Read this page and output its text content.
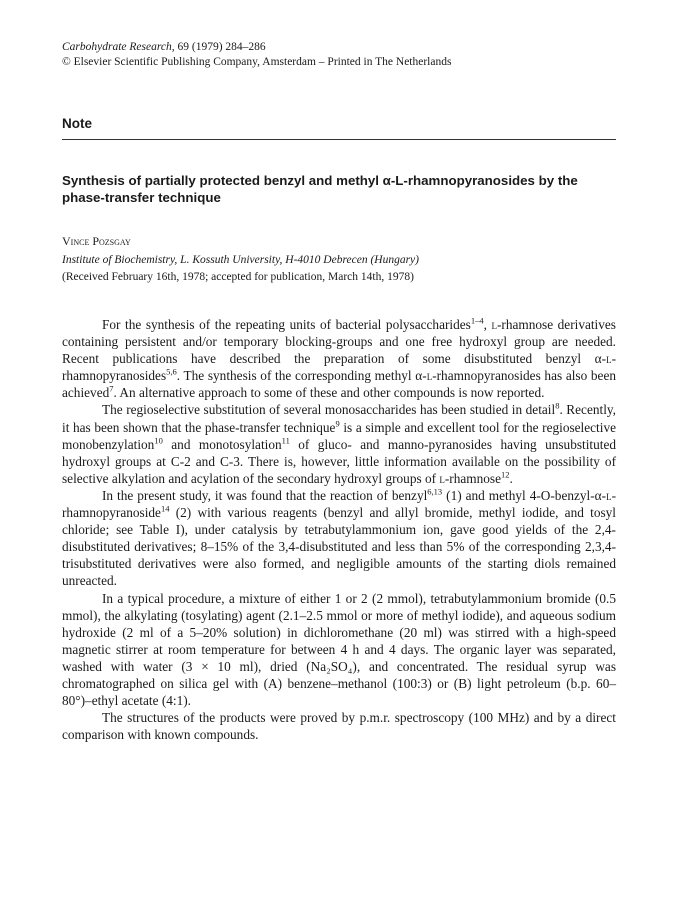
Carbohydrate Research, 69 (1979) 284–286
© Elsevier Scientific Publishing Company, Amsterdam – Printed in The Netherlands

Note
Synthesis of partially protected benzyl and methyl α-L-rhamnopyranosides by the phase-transfer technique
Vince Pozsgay
Institute of Biochemistry, L. Kossuth University, H-4010 Debrecen (Hungary)
(Received February 16th, 1978; accepted for publication, March 14th, 1978)

For the synthesis of the repeating units of bacterial polysaccharides$^{1-4}$, l-rhamnose derivatives containing persistent and/or temporary blocking-groups and one free hydroxyl group are needed. Recent publications have described the preparation of some disubstituted benzyl α-l-rhamnopyranosides$^{5,6}$. The synthesis of the corresponding methyl α-l-rhamnopyranosides has also been achieved$^7$. An alternative approach to some of these and other compounds is now reported.

The regioselective substitution of several monosaccharides has been studied in detail$^8$. Recently, it has been shown that the phase-transfer technique$^9$ is a simple and excellent tool for the regioselective monobenzylation$^{10}$ and monotosylation$^{11}$ of gluco- and manno-pyranosides having unsubstituted hydroxyl groups at C-2 and C-3. There is, however, little information available on the possibility of selective alkylation and acylation of the secondary hydroxyl groups of l-rhamnose$^{12}$.

In the present study, it was found that the reaction of benzyl$^{6,13}$ (1) and methyl 4-O-benzyl-α-l-rhamnopyranoside$^{14}$ (2) with various reagents (benzyl and allyl bromide, methyl iodide, and tosyl chloride; see Table I), under catalysis by tetrabutylammonium ion, gave good yields of the 2,4-disubstituted derivatives; 8–15% of the 3,4-disubstituted and less than 5% of the corresponding 2,3,4-trisubstituted derivatives were also formed, and negligible amounts of the starting diols remained unreacted.

In a typical procedure, a mixture of either 1 or 2 (2 mmol), tetrabutylammonium bromide (0.5 mmol), the alkylating (tosylating) agent (2.1–2.5 mmol or more of methyl iodide), and aqueous sodium hydroxide (2 ml of a 5–20% solution) in dichloromethane (20 ml) was stirred with a high-speed magnetic stirrer at room temperature for between 4 h and 4 days. The organic layer was separated, washed with water (3 × 10 ml), dried (Na₂SO₄), and concentrated. The residual syrup was chromatographed on silica gel with (A) benzene–methanol (100:3) or (B) light petroleum (b.p. 60–80°)–ethyl acetate (4:1).

The structures of the products were proved by p.m.r. spectroscopy (100 MHz) and by a direct comparison with known compounds.
